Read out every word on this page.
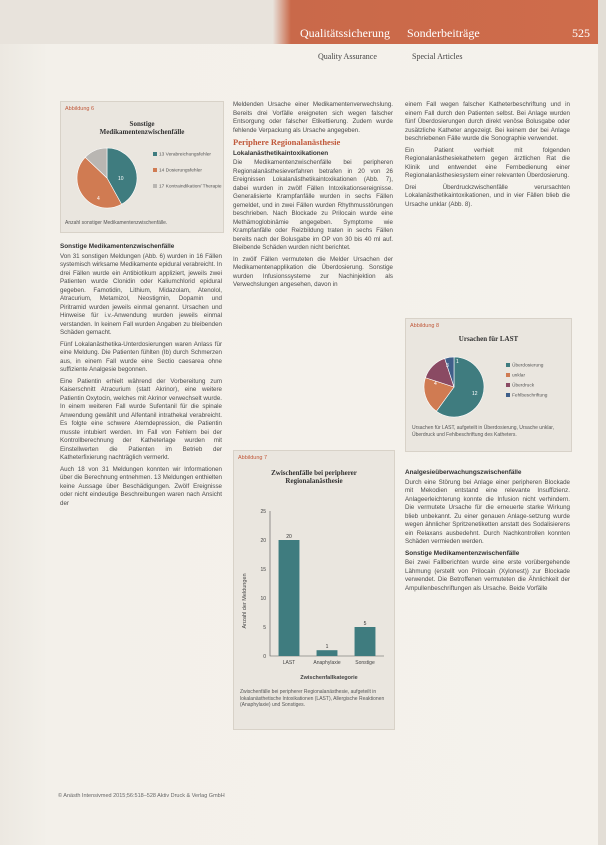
Qualitätssicherung Sonderbeiträge	525
Quality Assurance	Special Articles
Abbildung 6
Sonstige
Medikamentenzwischenfälle
10
4
13 Verabreichungsfehler
14 Dosierungsfehler
17 Kontraindikation/ Therapie
Anzahl sonstiger Medikamentenzwischenfälle.
Sonstige Medikamentenzwischenfälle

Von 31 sonstigen Meldungen (Abb. 6) wurden in 16 Fällen systemisch wirksame Medikamente epidural verabreicht. In drei Fällen wurde ein Antibiotikum appliziert, jeweils zwei Patienten wurde Clonidin oder Kaliumchlorid epidural gegeben. Famotidin, Lithium, Midazolam, Atenolol, Atracurium, Metamizol, Neostigmin, Dopamin und Piritramid wurden jeweils einmal genannt. Ursachen und Hinweise für i.v.-Anwendung wurden jeweils einmal verstanden. In keinem Fall wurden Angaben zu bleibenden Schäden gemacht.

Fünf Lokalanästhetika-Unterdosierungen waren Anlass für eine Meldung. Die Patienten fühlten (Ib) durch Schmerzen aus, in einem Fall wurde eine Sectio caesarea ohne suffiziente Analgesie begonnen.

Eine Patientin erhielt während der Vorbereitung zum Kaiserschnitt Atracurium (statt Akrinor), eine weitere Patientin Oxytocin, welches mit Akrinor verwechselt wurde. In einem weiteren Fall wurde Sufentanil für die spinale Anwendung gewählt und Alfentanil intrathekal verabreicht. Es folgte eine schwere Atemdepression, die Patientin musste intubiert werden. Im Fall von Fehlern bei der Kontrollberechnung der Katheterlage wurden mit Einstellwerten die Patienten im Betrieb der Katheterfixierung nachträglich vermerkt.

Auch 18 von 31 Meldungen konnten wir Informationen über die Berechnung entnehmen. 13 Meldungen enthielten keine Aussage über Beschädigungen. Zwölf Ereignisse oder nicht eindeutige Beschreibungen waren nach Ansicht der

Meldenden Ursache einer Medikamentenverwechslung. Bereits drei Vorfälle ereigneten sich wegen falscher Entsorgung oder falscher Etikettierung. Zudem wurde fehlende Verpackung als Ursache angegeben.

Periphere Regionalanästhesie
Lokalanästhetikaintoxikationen

Die Medikamentenzwischenfälle bei peripheren Regionalanästhesieverfahren betrafen in 20 von 26 Ereignissen Lokalanästhetikaintoxikationen (Abb. 7), dabei wurden in zwölf Fällen Intoxikationsereignisse. Generalisierte Krampfanfälle wurden in sechs Fällen gemeldet, und in zwei Fällen wurden Rhythmusstörungen beschrieben. Nach Blockade zu Prilocain wurde eine Methämoglobinämie angegeben. Symptome wie Krampfanfälle oder Reizbildung traten in sechs Fällen bereits nach der Bolusgabe im OP von 30 bis 40 ml auf. Bleibende Schäden wurden nicht berichtet.

In zwölf Fällen vermuteten die Melder Ursachen der Medikamentenapplikation die Überdosierung. Sonstige wurden Infusionssysteme zur Nachinjektion als Verwechslungen angesehen, davon in

Abbildung 7
Zwischenfälle bei peripherer
Regionalanästhesie
Anzahl der Meldungen
Zwischenfallkategorie
0
5
10
15
20
25
20
LAST
1
Anaphylaxie
5
Sonstige
Zwischenfälle bei peripherer Regionalanästhesie, aufgeteilt in lokalanästhetische Intoxikationen (LAST), Allergische Reaktionen (Anaphylaxie) und Sonstiges.

einem Fall wegen falscher Katheterbeschriftung und in einem Fall durch den Patienten selbst. Bei Anlage wurden fünf Überdosierungen durch direkt venöse Bolusgabe oder zusätzliche Katheter angezeigt. Bei keinem der bei Anlage beschriebenen Fälle wurde die Sonographie verwendet.

Ein Patient verhielt mit folgenden Regionalanästhesiekathetern gegen ärztlichen Rat die Klinik und entwendet eine Fernbedienung einer Regionalanästhesiesystem einer relevanten Überdosierung.

Drei Überdruckzwischenfälle verursachten Lokalanästhetikaintoxikationen, und in vier Fällen blieb die Ursache unklar (Abb. 8).

Abbildung 8
Ursachen für LAST
3
1
4
12
Überdosierung
unklar
Überdruck
Fehlbeschriftung
Ursachen für LAST, aufgeteilt in Überdosierung, Ursache unklar, Überdruck und Fehlbeschriftung des Katheters.
Analgesieüberwachungszwischenfälle

Durch eine Störung bei Anlage einer peripheren Blockade mit Mekodien entstand eine relevante Insuffizienz. Anlageerleichterung konnte die Infusion nicht verhindern. Die vermutete Ursache für die erneuerte starke Wirkung blieb unbekannt. Zu einer genauen Anlage-setzung wurde wegen ähnlicher Spritzenetiketten anstatt des Sodalisierens ein Relaxans ausbedehnt. Durch Nachkontrollen konnten Schäden vermieden werden.

Sonstige Medikamentenzwischenfälle

Bei zwei Fallberichten wurde eine erste vorübergehende Lähmung (erstellt von Prilocain (Xylonest)) zur Blockade verwendet. Die Betroffenen vermuteten die Ähnlichkeit der Ampullenbeschriftungen als Ursache. Beide Vorfälle

© Anästh Intensivmed 2015;56:518–528 Aktiv Druck & Verlag GmbH
